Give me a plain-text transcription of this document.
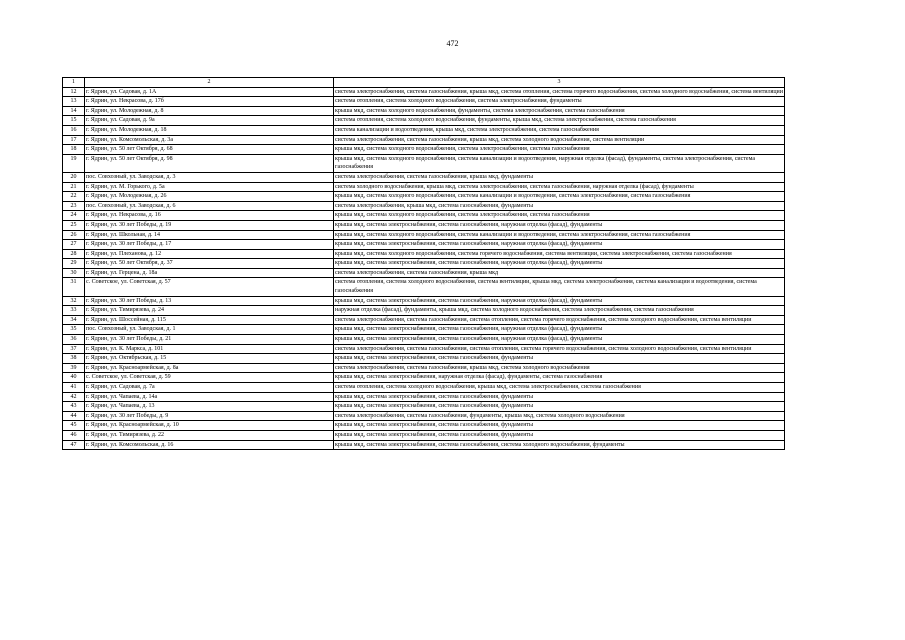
472
1	2	3
12	г. Ядрин, ул. Садовая, д. 1А	система электроснабжения, система газоснабжения, крыша мкд, система отопления, система горячего водоснабжения, система холодного водоснабжения, система вентиляции
13	г. Ядрин, ул. Некрасова, д. 17б	система отопления, система холодного водоснабжения, система электроснабжения, фундаменты
14	г. Ядрин, ул. Молодежная, д. 8	крыша мкд, система холодного водоснабжения, фундаменты, система электроснабжения, система газоснабжения
15	г. Ядрин, ул. Садовая, д. 9а	система отопления, система холодного водоснабжения, фундаменты, крыша мкд, система электроснабжения, система газоснабжения
16	г. Ядрин, ул. Молодежная, д. 18	система канализации и водоотведения, крыша мкд, система электроснабжения, система газоснабжения
17	г. Ядрин, ул. Комсомольская, д. 3а	система электроснабжения, система газоснабжения, крыша мкд, система холодного водоснабжения, система вентиляции
18	г. Ядрин, ул. 50 лет Октября, д. 68	крыша мкд, система холодного водоснабжения, система электроснабжения, система газоснабжения
19	г. Ядрин, ул. 50 лет Октября, д. 98	крыша мкд, система холодного водоснабжения, система канализации и водоотведения, наружная отделка (фасад), фундаменты, система электроснабжения, система газоснабжения
20	пос. Совхозный, ул. Заводская, д. 3	система электроснабжения, система газоснабжения, крыша мкд, фундаменты
21	г. Ядрин, ул. М. Горького, д. 5а	система холодного водоснабжения, крыша мкд, система электроснабжения, система газоснабжения, наружная отделка (фасад), фундаменты
22	г. Ядрин, ул. Молодежная, д. 26	крыша мкд, система холодного водоснабжения, система канализации и водоотведения, система электроснабжения, система газоснабжения
23	пос. Совхозный, ул. Заводская, д. 6	система электроснабжения, крыша мкд, система газоснабжения, фундаменты
24	г. Ядрин, ул. Некрасова, д. 16	крыша мкд, система холодного водоснабжения, система электроснабжения, система газоснабжения
25	г. Ядрин, ул. 30 лет Победы, д. 19	крыша мкд, система электроснабжения, система газоснабжения, наружная отделка (фасад), фундаменты
26	г. Ядрин, ул. Школьная, д. 14	крыша мкд, система холодного водоснабжения, система канализации и водоотведения, система электроснабжения, система газоснабжения
27	г. Ядрин, ул. 30 лет Победы, д. 17	крыша мкд, система электроснабжения, система газоснабжения, наружная отделка (фасад), фундаменты
28	г. Ядрин, ул. Плеханова, д. 12	крыша мкд, система холодного водоснабжения, система горячего водоснабжения, система вентиляции, система электроснабжения, система газоснабжения
29	г. Ядрин, ул. 50 лет Октября, д. 37	крыша мкд, система электроснабжения, система газоснабжения, наружная отделка (фасад), фундаменты
30	г. Ядрин, ул. Герцена, д. 18а	система электроснабжения, система газоснабжения, крыша мкд
31	с. Советское, ул. Советская, д. 57	система отопления, система холодного водоснабжения, система вентиляции, крыша мкд, система электроснабжения, система канализации и водоотведения, система газоснабжения
32	г. Ядрин, ул. 30 лет Победы, д. 13	крыша мкд, система электроснабжения, система газоснабжения, наружная отделка (фасад), фундаменты
33	г. Ядрин, ул. Тимирязева, д. 24	наружная отделка (фасад), фундаменты, крыша мкд, система холодного водоснабжения, система электроснабжения, система газоснабжения
34	г. Ядрин, ул. Шоссейная, д. 115	система электроснабжения, система газоснабжения, система отопления, система горячего водоснабжения, система холодного водоснабжения, система вентиляции
35	пос. Совхозный, ул. Заводская, д. 1	крыша мкд, система электроснабжения, система газоснабжения, наружная отделка (фасад), фундаменты
36	г. Ядрин, ул. 30 лет Победы, д. 21	крыша мкд, система электроснабжения, система газоснабжения, наружная отделка (фасад), фундаменты
37	г. Ядрин, ул. К. Маркса, д. 101	система электроснабжения, система газоснабжения, система отопления, система горячего водоснабжения, система холодного водоснабжения, система вентиляции
38	г. Ядрин, ул. Октябрьская, д. 15	крыша мкд, система электроснабжения, система газоснабжения, фундаменты
39	г. Ядрин, ул. Красноармейская, д. 8а	система электроснабжения, система газоснабжения, крыша мкд, система холодного водоснабжения
40	с. Советское, ул. Советская, д. 59	крыша мкд, система электроснабжения, наружная отделка (фасад), фундаменты, система газоснабжения
41	г. Ядрин, ул. Садовая, д. 7а	система отопления, система холодного водоснабжения, крыша мкд, система электроснабжения, система газоснабжения
42	г. Ядрин, ул. Чапаева, д. 14а	крыша мкд, система электроснабжения, система газоснабжения, фундаменты
43	г. Ядрин, ул. Чапаева, д. 13	крыша мкд, система электроснабжения, система газоснабжения, фундаменты
44	г. Ядрин, ул. 30 лет Победы, д. 9	система электроснабжения, система газоснабжения, фундаменты, крыша мкд, система холодного водоснабжения
45	г. Ядрин, ул. Красноармейская, д. 10	крыша мкд, система электроснабжения, система газоснабжения, фундаменты
46	г. Ядрин, ул. Тимирязева, д. 22	крыша мкд, система электроснабжения, система газоснабжения, фундаменты
47	г. Ядрин, ул. Комсомольская, д. 16	крыша мкд, система электроснабжения, система газоснабжения, система холодного водоснабжения, фундаменты
